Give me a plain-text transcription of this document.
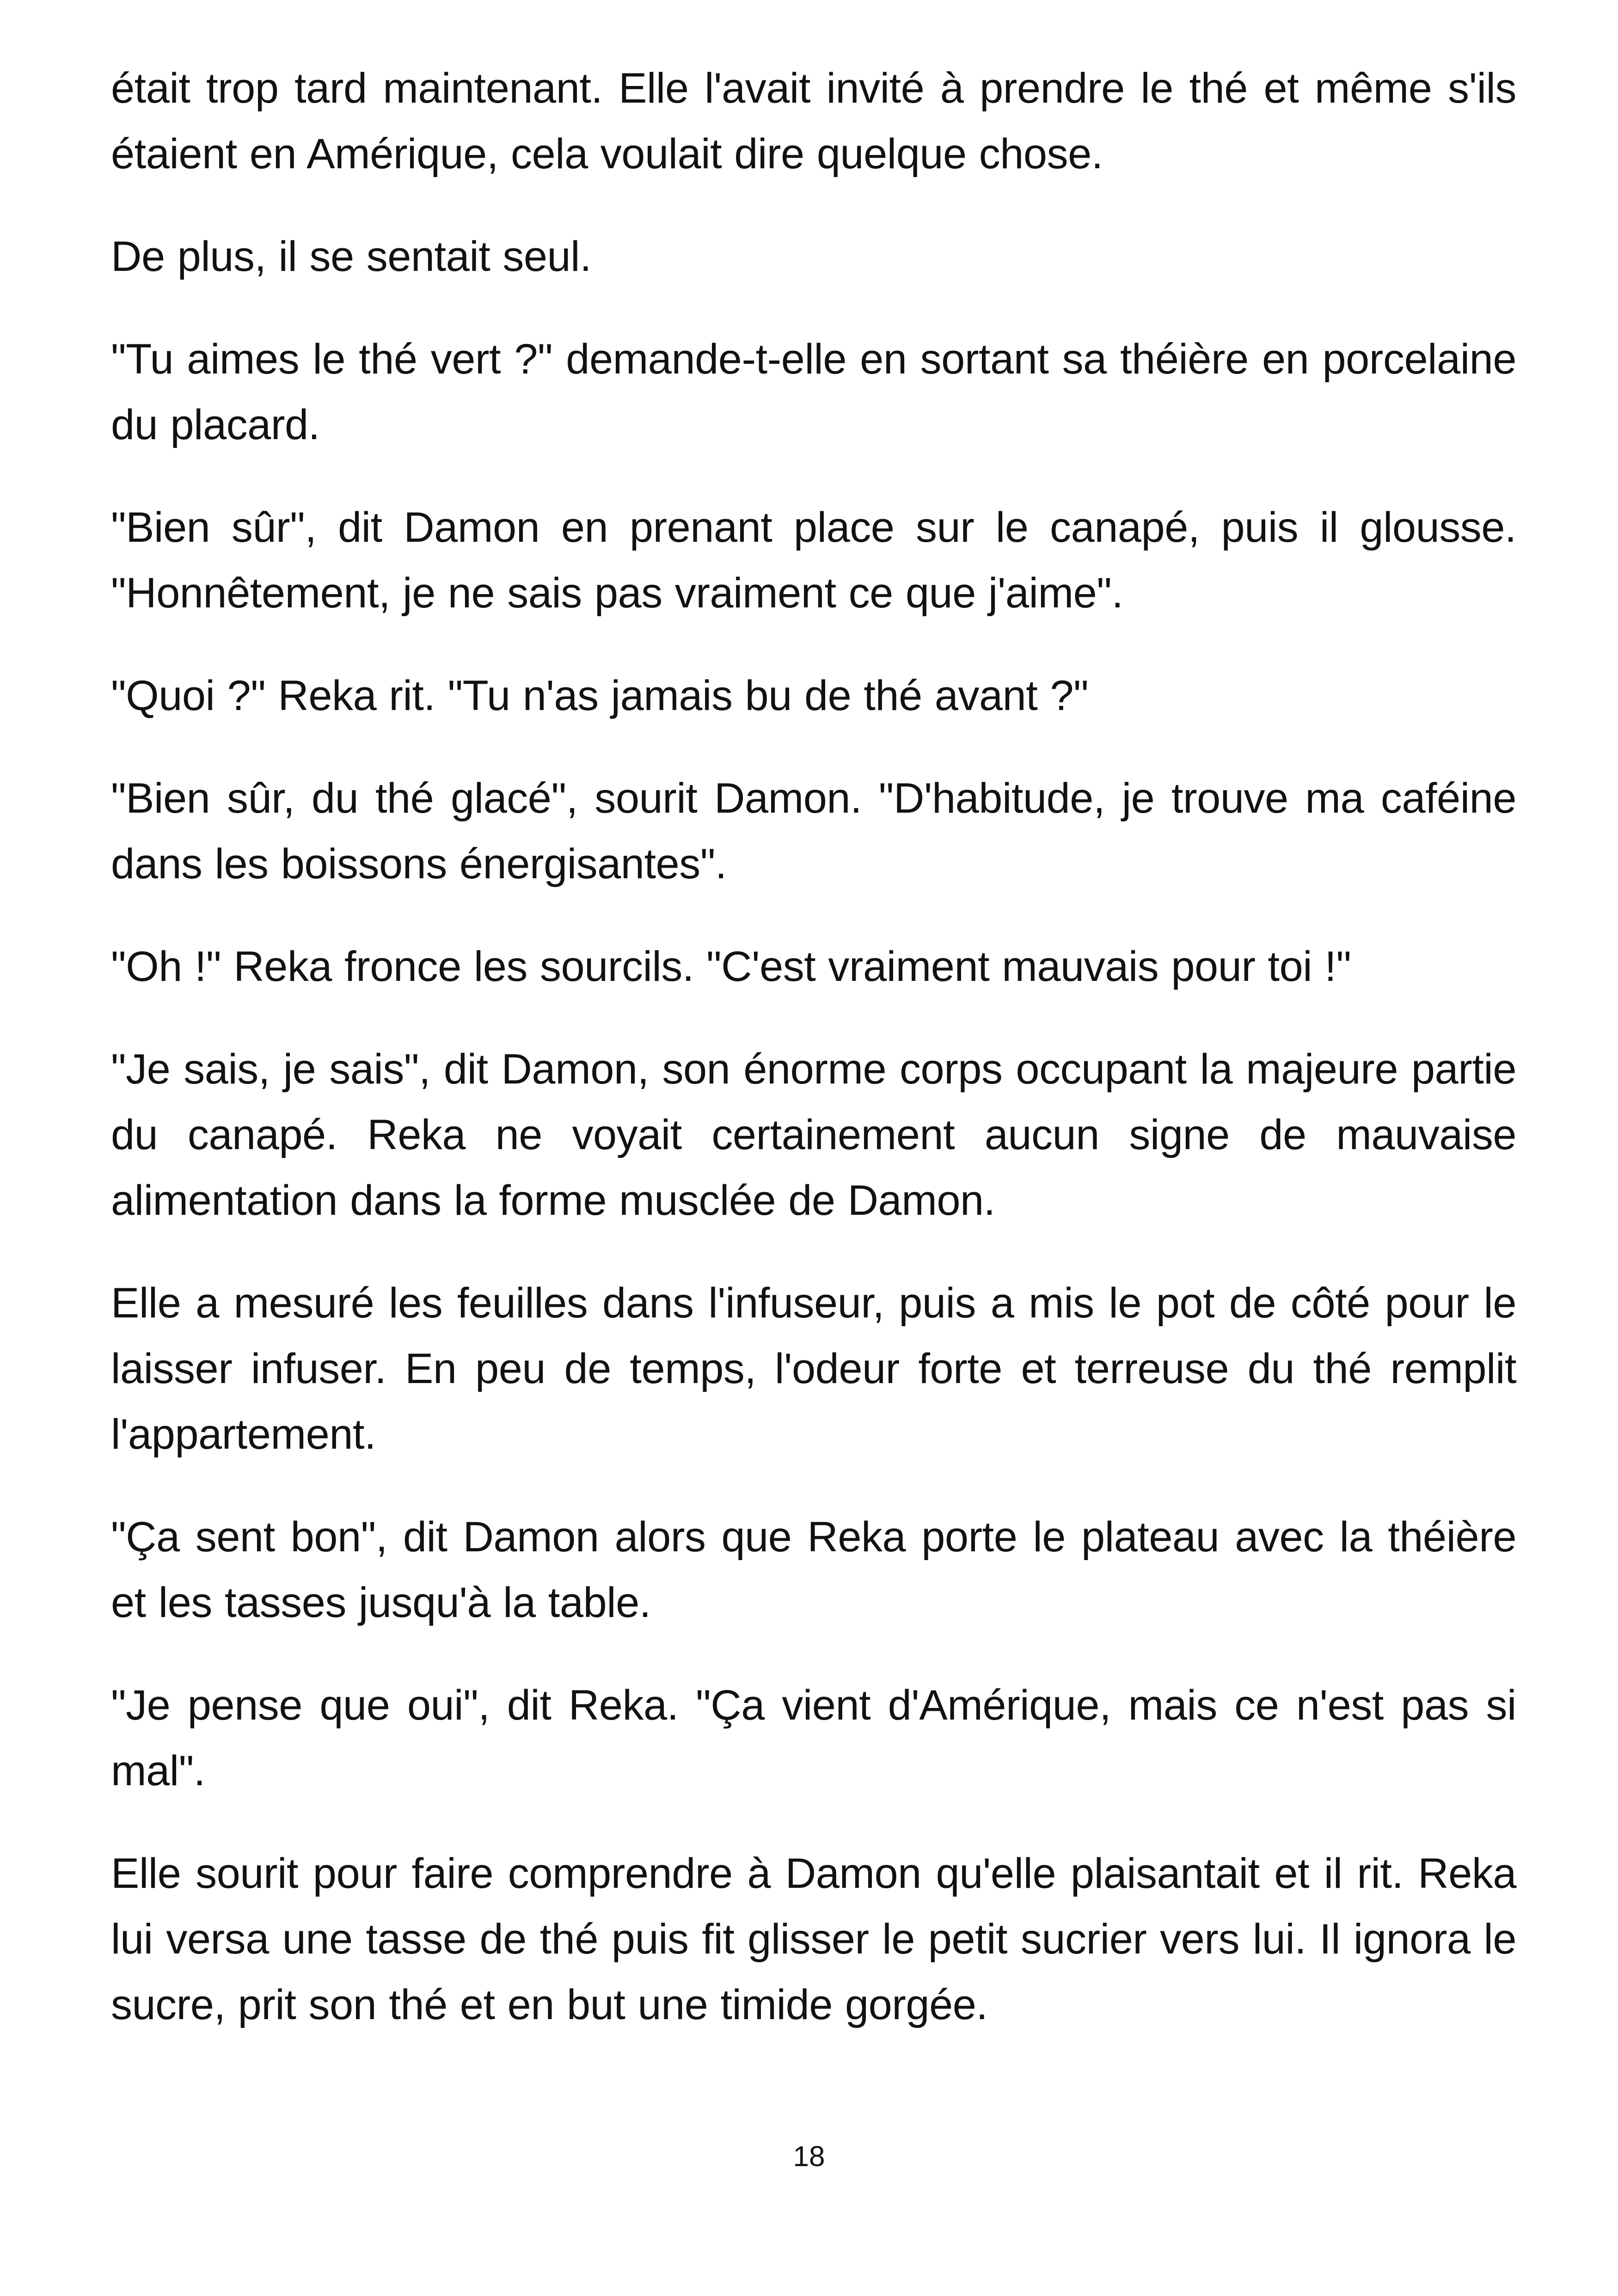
était trop tard maintenant. Elle l'avait invité à prendre le thé et même s'ils étaient en Amérique, cela voulait dire quelque chose.

De plus, il se sentait seul.

"Tu aimes le thé vert ?" demande-t-elle en sortant sa théière en porcelaine du placard.

"Bien sûr", dit Damon en prenant place sur le canapé, puis il glousse. "Honnêtement, je ne sais pas vraiment ce que j'aime".

"Quoi ?" Reka rit. "Tu n'as jamais bu de thé avant ?"

"Bien sûr, du thé glacé", sourit Damon. "D'habitude, je trouve ma caféine dans les boissons énergisantes".

"Oh !" Reka fronce les sourcils. "C'est vraiment mauvais pour toi !"

"Je sais, je sais", dit Damon, son énorme corps occupant la majeure partie du canapé. Reka ne voyait certainement aucun signe de mauvaise alimentation dans la forme musclée de Damon.

Elle a mesuré les feuilles dans l'infuseur, puis a mis le pot de côté pour le laisser infuser. En peu de temps, l'odeur forte et terreuse du thé remplit l'appartement.

"Ça sent bon", dit Damon alors que Reka porte le plateau avec la théière et les tasses jusqu'à la table.

"Je pense que oui", dit Reka. "Ça vient d'Amérique, mais ce n'est pas si mal".

Elle sourit pour faire comprendre à Damon qu'elle plaisantait et il rit. Reka lui versa une tasse de thé puis fit glisser le petit sucrier vers lui. Il ignora le sucre, prit son thé et en but une timide gorgée.

18
